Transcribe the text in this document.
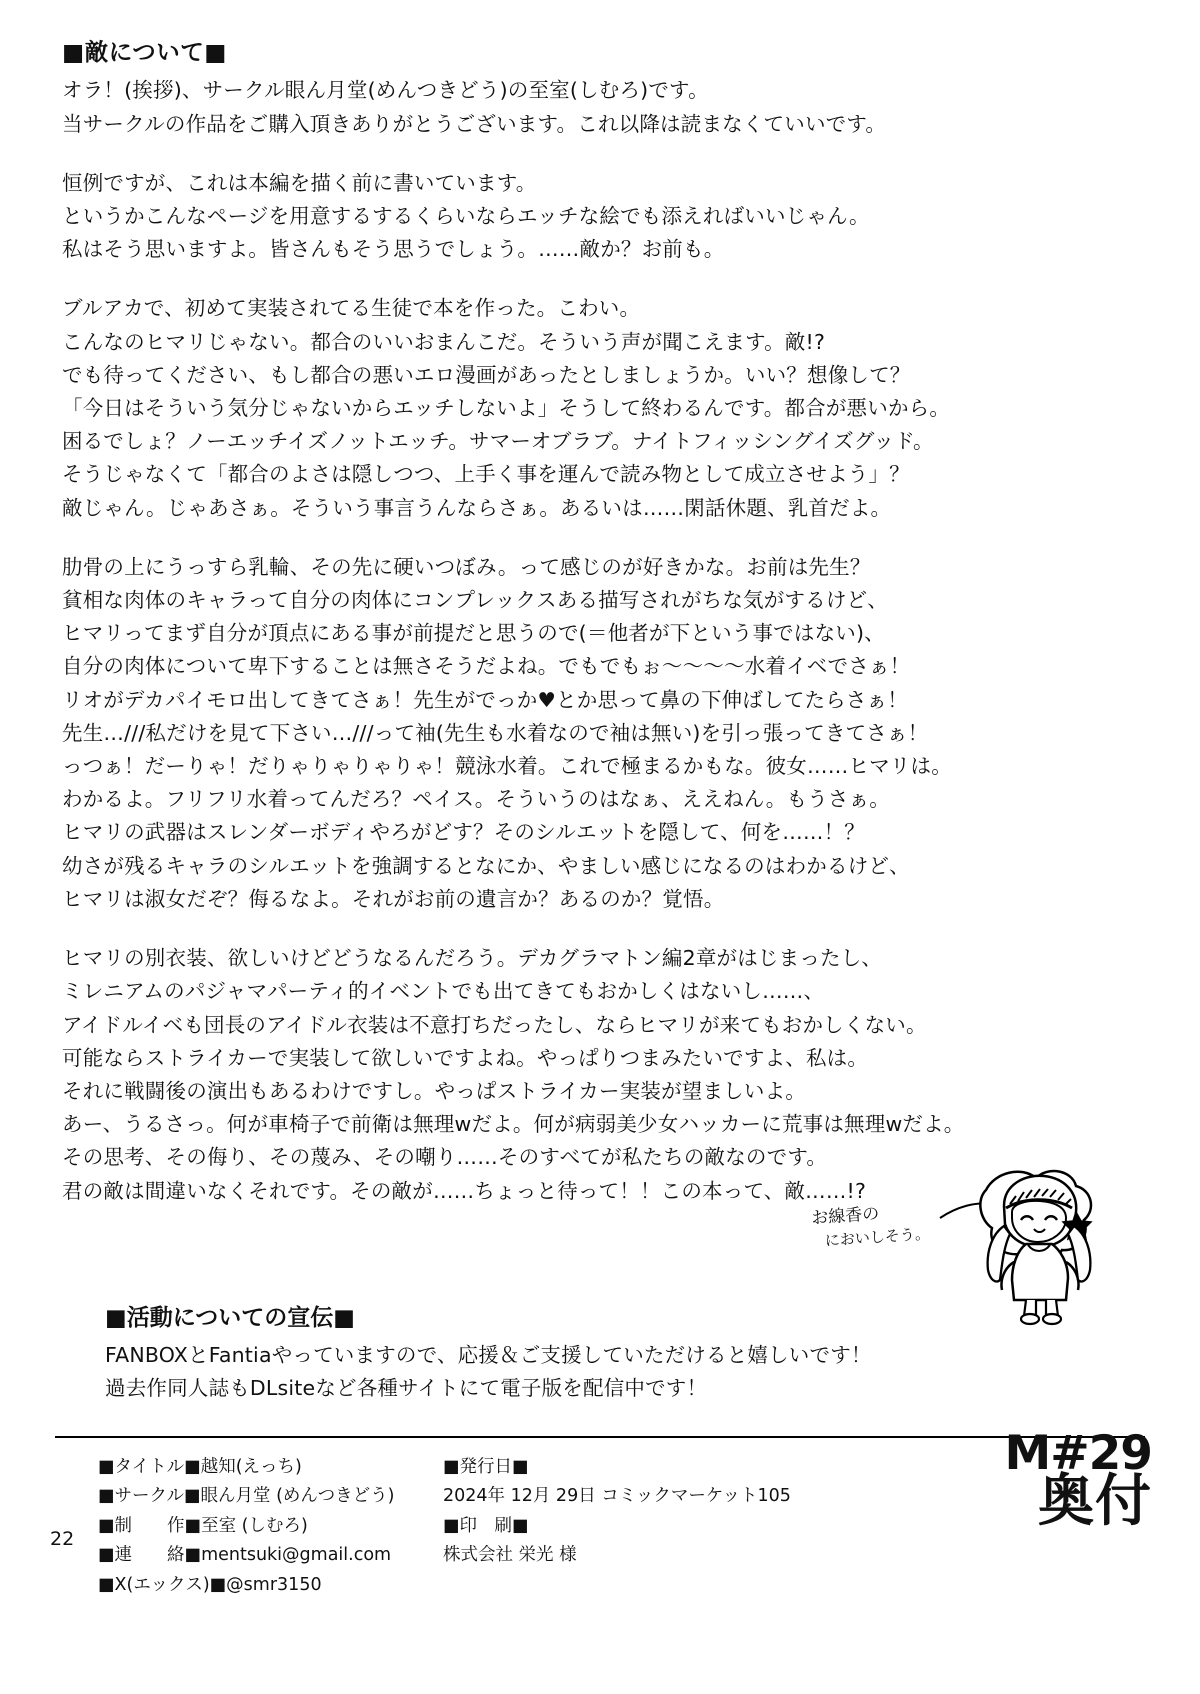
■敵について■
オラ！(挨拶)、サークル眼ん月堂(めんつきどう)の至室(しむろ)です。
当サークルの作品をご購入頂きありがとうございます。これ以降は読まなくていいです。
恒例ですが、これは本編を描く前に書いています。
というかこんなページを用意するするくらいならエッチな絵でも添えればいいじゃん。
私はそう思いますよ。皆さんもそう思うでしょう。……敵か？お前も。
ブルアカで、初めて実装されてる生徒で本を作った。こわい。
こんなのヒマリじゃない。都合のいいおまんこだ。そういう声が聞こえます。敵!?
でも待ってください、もし都合の悪いエロ漫画があったとしましょうか。いい？想像して？
「今日はそういう気分じゃないからエッチしないよ」そうして終わるんです。都合が悪いから。
困るでしょ？ノーエッチイズノットエッチ。サマーオブラブ。ナイトフィッシングイズグッド。
そうじゃなくて「都合のよさは隠しつつ、上手く事を運んで読み物として成立させよう」？
敵じゃん。じゃあさぁ。そういう事言うんならさぁ。あるいは……閑話休題、乳首だよ。
肋骨の上にうっすら乳輪、その先に硬いつぼみ。って感じのが好きかな。お前は先生？
貧相な肉体のキャラって自分の肉体にコンプレックスある描写されがちな気がするけど、
ヒマリってまず自分が頂点にある事が前提だと思うので(＝他者が下という事ではない)、
自分の肉体について卑下することは無さそうだよね。でもでもぉ〜〜〜〜水着イベでさぁ！
リオがデカパイモロ出してきてさぁ！先生がでっか♥とか思って鼻の下伸ばしてたらさぁ！
先生…///私だけを見て下さい…///って袖(先生も水着なので袖は無い)を引っ張ってきてさぁ！
っつぁ！だーりゃ！だりゃりゃりゃりゃ！競泳水着。これで極まるかもな。彼女……ヒマリは。
わかるよ。フリフリ水着ってんだろ？ペイス。そういうのはなぁ、ええねん。もうさぁ。
ヒマリの武器はスレンダーボディやろがどす？そのシルエットを隠して、何を……！？
幼さが残るキャラのシルエットを強調するとなにか、やましい感じになるのはわかるけど、
ヒマリは淑女だぞ？侮るなよ。それがお前の遺言か？あるのか？覚悟。
ヒマリの別衣装、欲しいけどどうなるんだろう。デカグラマトン編2章がはじまったし、
ミレニアムのパジャマパーティ的イベントでも出てきてもおかしくはないし……、
アイドルイベも団長のアイドル衣装は不意打ちだったし、ならヒマリが来てもおかしくない。
可能ならストライカーで実装して欲しいですよね。やっぱりつまみたいですよ、私は。
それに戦闘後の演出もあるわけですし。やっぱストライカー実装が望ましいよ。
あー、うるさっ。何が車椅子で前衛は無理wだよ。何が病弱美少女ハッカーに荒事は無理wだよ。
その思考、その侮り、その蔑み、その嘲り……そのすべてが私たちの敵なのです。
君の敵は間違いなくそれです。その敵が……ちょっと待って！！この本って、敵……!?
お線香の
においしそう。
■活動についての宣伝■
FANBOXとFantiaやっていますので、応援＆ご支援していただけると嬉しいです！
過去作同人誌もDLsiteなど各種サイトにて電子版を配信中です！
■タイトル■越知(えっち)
■サークル■眼ん月堂 (めんつきどう)
■制　　作■至室 (しむろ)
■連　　絡■mentsuki@gmail.com
■X(エックス)■@smr3150
■発行日■
2024年 12月 29日 コミックマーケット105
■印　刷■
株式会社 栄光 様
22
M#29
奥付
